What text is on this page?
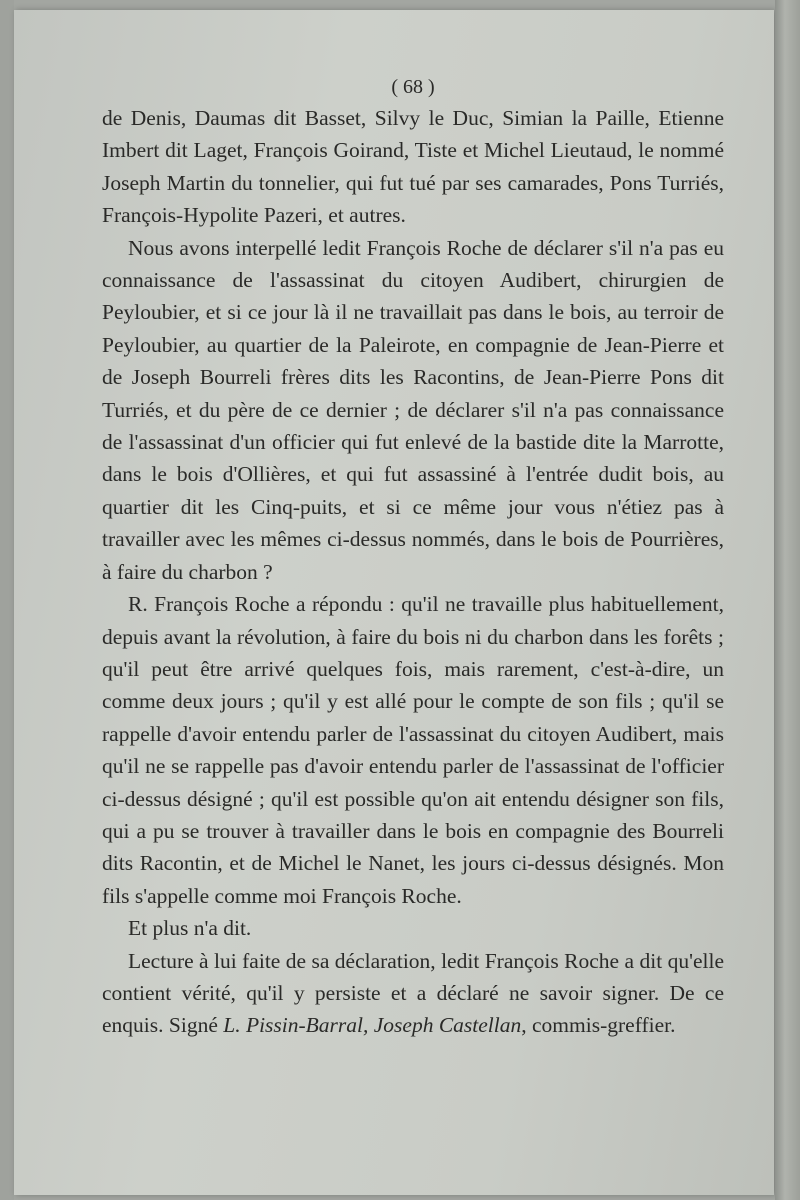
( 68 )

de Denis, Daumas dit Basset, Silvy le Duc, Simian la Paille, Etienne Imbert dit Laget, François Goirand, Tiste et Michel Lieutaud, le nommé Joseph Martin du tonnelier, qui fut tué par ses camarades, Pons Turriés, François-Hypolite Pazeri, et autres.

Nous avons interpellé ledit François Roche de déclarer s'il n'a pas eu connaissance de l'assassinat du citoyen Audibert, chirurgien de Peyloubier, et si ce jour là il ne travaillait pas dans le bois, au terroir de Peyloubier, au quartier de la Paleirote, en compagnie de Jean-Pierre et de Joseph Bourreli frères dits les Racontins, de Jean-Pierre Pons dit Turriés, et du père de ce dernier ; de déclarer s'il n'a pas connaissance de l'assassinat d'un officier qui fut enlevé de la bastide dite la Marrotte, dans le bois d'Ollières, et qui fut assassiné à l'entrée dudit bois, au quartier dit les Cinq-puits, et si ce même jour vous n'étiez pas à travailler avec les mêmes ci-dessus nommés, dans le bois de Pourrières, à faire du charbon ?

R. François Roche a répondu : qu'il ne travaille plus habituellement, depuis avant la révolution, à faire du bois ni du charbon dans les forêts ; qu'il peut être arrivé quelques fois, mais rarement, c'est-à-dire, un comme deux jours ; qu'il y est allé pour le compte de son fils ; qu'il se rappelle d'avoir entendu parler de l'assassinat du citoyen Audibert, mais qu'il ne se rappelle pas d'avoir entendu parler de l'assassinat de l'officier ci-dessus désigné ; qu'il est possible qu'on ait entendu désigner son fils, qui a pu se trouver à travailler dans le bois en compagnie des Bourreli dits Racontin, et de Michel le Nanet, les jours ci-dessus désignés. Mon fils s'appelle comme moi François Roche.

Et plus n'a dit.

Lecture à lui faite de sa déclaration, ledit François Roche a dit qu'elle contient vérité, qu'il y persiste et a déclaré ne savoir signer. De ce enquis. Signé L. Pissin-Barral, Joseph Castellan, commis-greffier.
